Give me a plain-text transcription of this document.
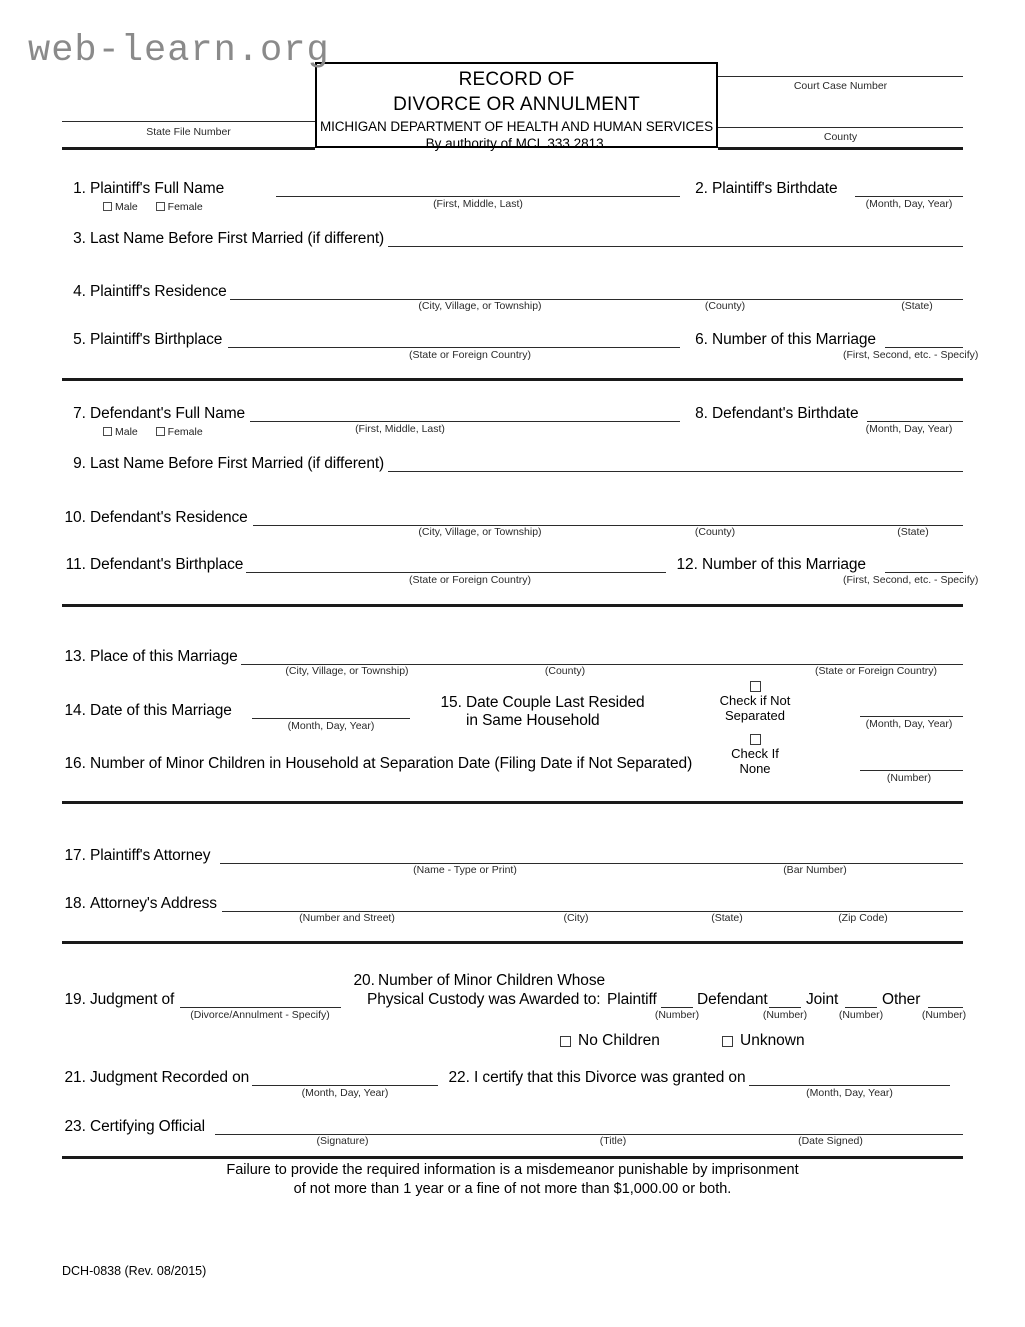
web-learn.org
State File Number
Court Case Number
County
RECORD OF
DIVORCE OR ANNULMENT
MICHIGAN DEPARTMENT OF HEALTH AND HUMAN SERVICES
By authority of MCL 333.2813.
1. Plaintiff's Full Name
(First, Middle, Last)
Male	Female
2. Plaintiff's Birthdate
(Month, Day, Year)
3. Last Name Before First Married (if different)
4. Plaintiff's Residence
(City, Village, or Township)	(County)	(State)
5. Plaintiff's Birthplace
(State or Foreign Country)
6. Number of this Marriage
(First, Second, etc. - Specify)
7. Defendant's Full Name
(First, Middle, Last)
Male	Female
8. Defendant's Birthdate
(Month, Day, Year)
9. Last Name Before First Married (if different)
10. Defendant's Residence
(City, Village, or Township)	(County)	(State)
11. Defendant's Birthplace
(State or Foreign Country)
12. Number of this Marriage
(First, Second, etc. - Specify)
13. Place of this Marriage
(City, Village, or Township)	(County)	(State or Foreign Country)
14. Date of this Marriage
(Month, Day, Year)
15. Date Couple Last Resided
in Same Household
Check if Not
Separated
(Month, Day, Year)
16. Number of Minor Children in Household at Separation Date (Filing Date if Not Separated)
Check If
None
(Number)
17. Plaintiff's Attorney
(Name - Type or Print)	(Bar Number)
18. Attorney's Address
(Number and Street)	(City)	(State)	(Zip Code)
20. Number of Minor Children Whose
19. Judgment of
(Divorce/Annulment - Specify)
Physical Custody was Awarded to: Plaintiff
(Number)
Defendant
(Number)
Joint
(Number)
Other
(Number)
No Children	Unknown
21. Judgment Recorded on
(Month, Day, Year)
22. I certify that this Divorce was granted on
(Month, Day, Year)
23. Certifying Official
(Signature)	(Title)	(Date Signed)
Failure to provide the required information is a misdemeanor punishable by imprisonment
of not more than 1 year or a fine of not more than $1,000.00 or both.
DCH-0838 (Rev. 08/2015)
